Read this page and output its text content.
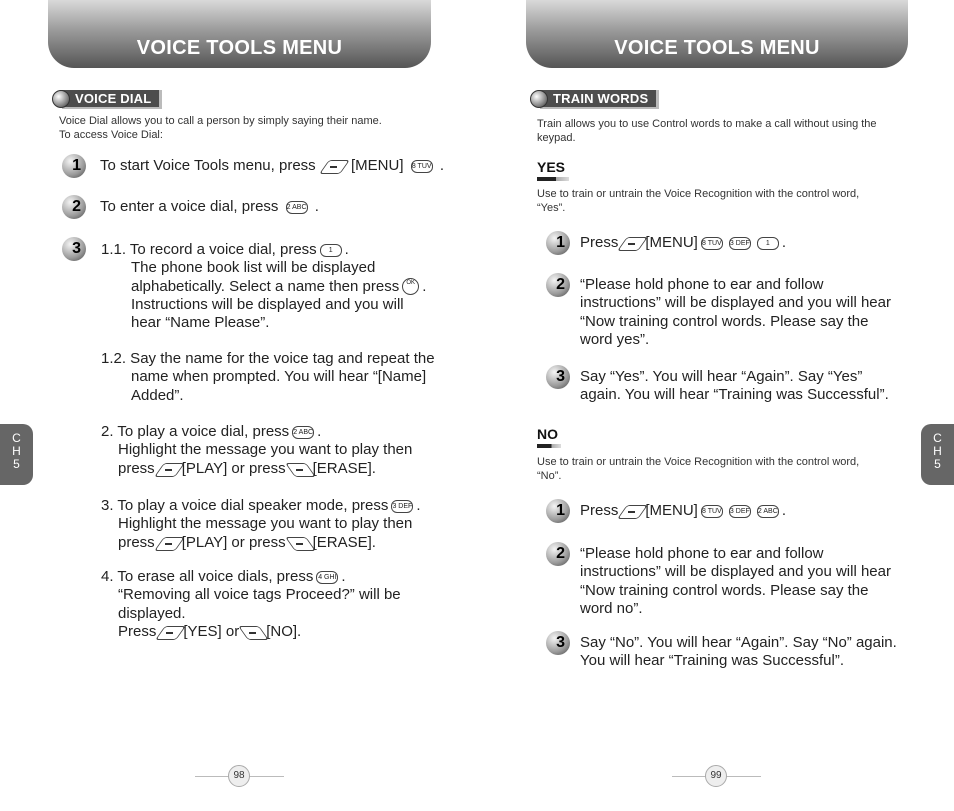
VOICE TOOLS MENU
VOICE DIAL
Voice Dial allows you to call a person by simply saying their name.
To access Voice Dial:
1	To start Voice Tools menu, press [MENU] 8 TUV .
2	To enter a voice dial, press 2 ABC .
3	1.1. To record a voice dial, press 1 .
The phone book list will be displayed
alphabetically. Select a name then press OK .
Instructions will be displayed and you will
hear “Name Please”.
1.2. Say the name for the voice tag and repeat the
name when prompted. You will hear “[Name]
Added”.
2. To play a voice dial, press 2 ABC .
Highlight the message you want to play then
press [PLAY] or press [ERASE].
3. To play a voice dial speaker mode, press 3 DEF .
Highlight the message you want to play then
press [PLAY] or press [ERASE].
4. To erase all voice dials, press 4 GHI .
“Removing all voice tags Proceed?” will be
displayed.
Press [YES] or [NO].
C
H
5
98
VOICE TOOLS MENU
TRAIN WORDS
Train allows you to use Control words to make a call without using the
keypad.
YES
Use to train or untrain the Voice Recognition with the control word,
“Yes”.
1	Press [MENU] 8 TUV 3 DEF 1 .
2	“Please hold phone to ear and follow
instructions” will be displayed and you will hear
“Now training control words. Please say the
word yes”.
3	Say “Yes”. You will hear “Again”. Say “Yes”
again. You will hear “Training was Successful”.
NO
Use to train or untrain the Voice Recognition with the control word,
“No”.
1	Press [MENU] 8 TUV 3 DEF 2 ABC .
2	“Please hold phone to ear and follow
instructions” will be displayed and you will hear
“Now training control words. Please say the
word no”.
3	Say “No”. You will hear “Again”. Say “No” again.
You will hear “Training was Successful”.
C
H
5
99
